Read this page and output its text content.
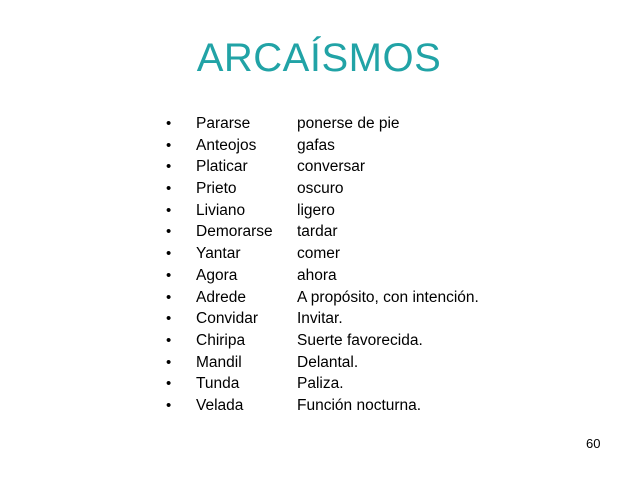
ARCAÍSMOS
• Pararse	ponerse de pie
• Anteojos	gafas
• Platicar	conversar
• Prieto	oscuro
• Liviano	ligero
• Demorarse tardar
• Yantar	comer
• Agora	ahora
• Adrede	A propósito, con intención.
• Convidar	Invitar.
• Chiripa	Suerte favorecida.
• Mandil	Delantal.
• Tunda	Paliza.
• Velada	Función nocturna.
60
